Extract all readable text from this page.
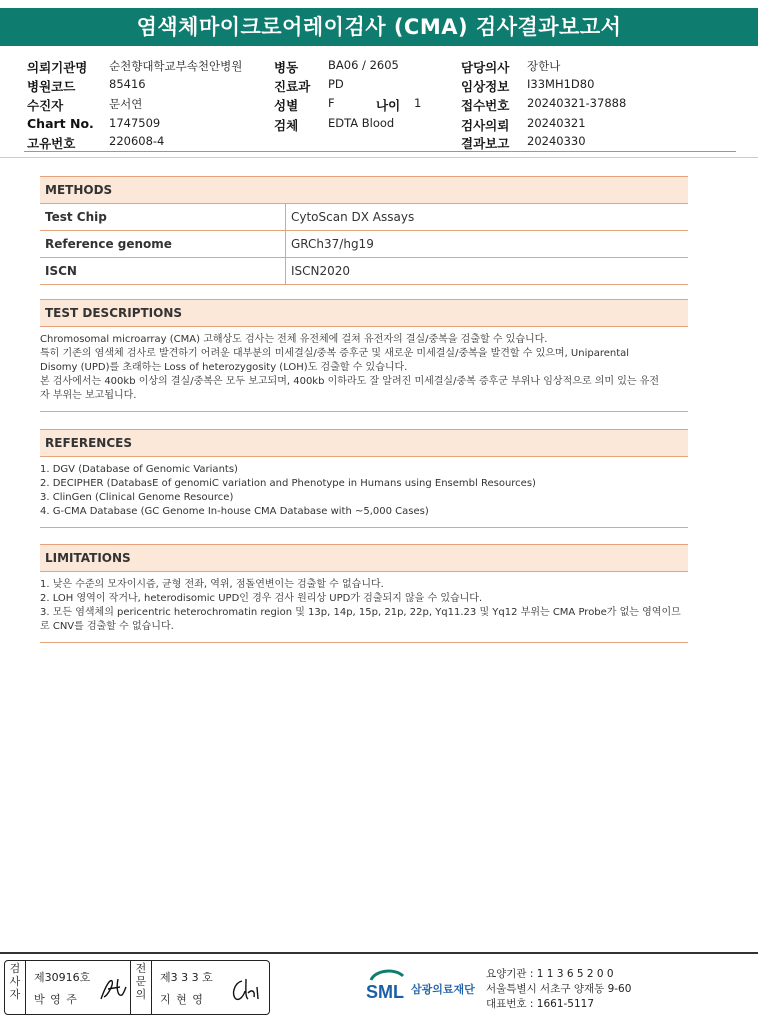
염색체마이크로어레이검사 (CMA) 검사결과보고서
의뢰기관명 순천향대학교부속천안병원
병원코드	85416
수진자	문서연
Chart No. 1747509
고유번호	220608-4
병동	BA06 / 2605
진료과 PD
성별	F	나이 1
검체	EDTA Blood
담당의사 장한나
임상정보 I33MH1D80
접수번호 20240321-37888
검사의뢰 20240321
결과보고 20240330
METHODS
Test Chip	CytoScan DX Assays
Reference genome	GRCh37/hg19
ISCN	ISCN2020
TEST DESCRIPTIONS
Chromosomal microarray (CMA) 고해상도 검사는 전체 유전체에 걸쳐 유전자의 결실/중복을 검출할 수 있습니다.
특히 기존의 염색체 검사로 발견하기 어려운 대부분의 미세결실/중복 증후군 및 새로운 미세결실/중복을 발견할 수 있으며, Uniparental
Disomy (UPD)를 초래하는 Loss of heterozygosity (LOH)도 검출할 수 있습니다.
본 검사에서는 400kb 이상의 결실/중복은 모두 보고되며, 400kb 이하라도 잘 알려진 미세결실/중복 증후군 부위나 임상적으로 의미 있는 유전
자 부위는 보고됩니다.
REFERENCES
1. DGV (Database of Genomic Variants)
2. DECIPHER (DatabasE of genomiC variation and Phenotype in Humans using Ensembl Resources)
3. ClinGen (Clinical Genome Resource)
4. G-CMA Database (GC Genome In-house CMA Database with ~5,000 Cases)
LIMITATIONS
1. 낮은 수준의 모자이시즘, 균형 전좌, 역위, 점돌연변이는 검출할 수 없습니다.
2. LOH 영역이 작거나, heterodisomic UPD인 경우 검사 원리상 UPD가 검출되지 않을 수 있습니다.
3. 모든 염색체의 pericentric heterochromatin region 및 13p, 14p, 15p, 21p, 22p, Yq11.23 및 Yq12 부위는 CMA Probe가 없는 영역이므
로 CNV를 검출할 수 없습니다.
검사자
제30916호
박 영 주
전문의
제3 3 3 호
지 현 영	SML 삼광의료재단
요양기관 : 1 1 3 6 5 2 0 0
서울특별시 서초구 양재동 9-60
대표번호 : 1661-5117
